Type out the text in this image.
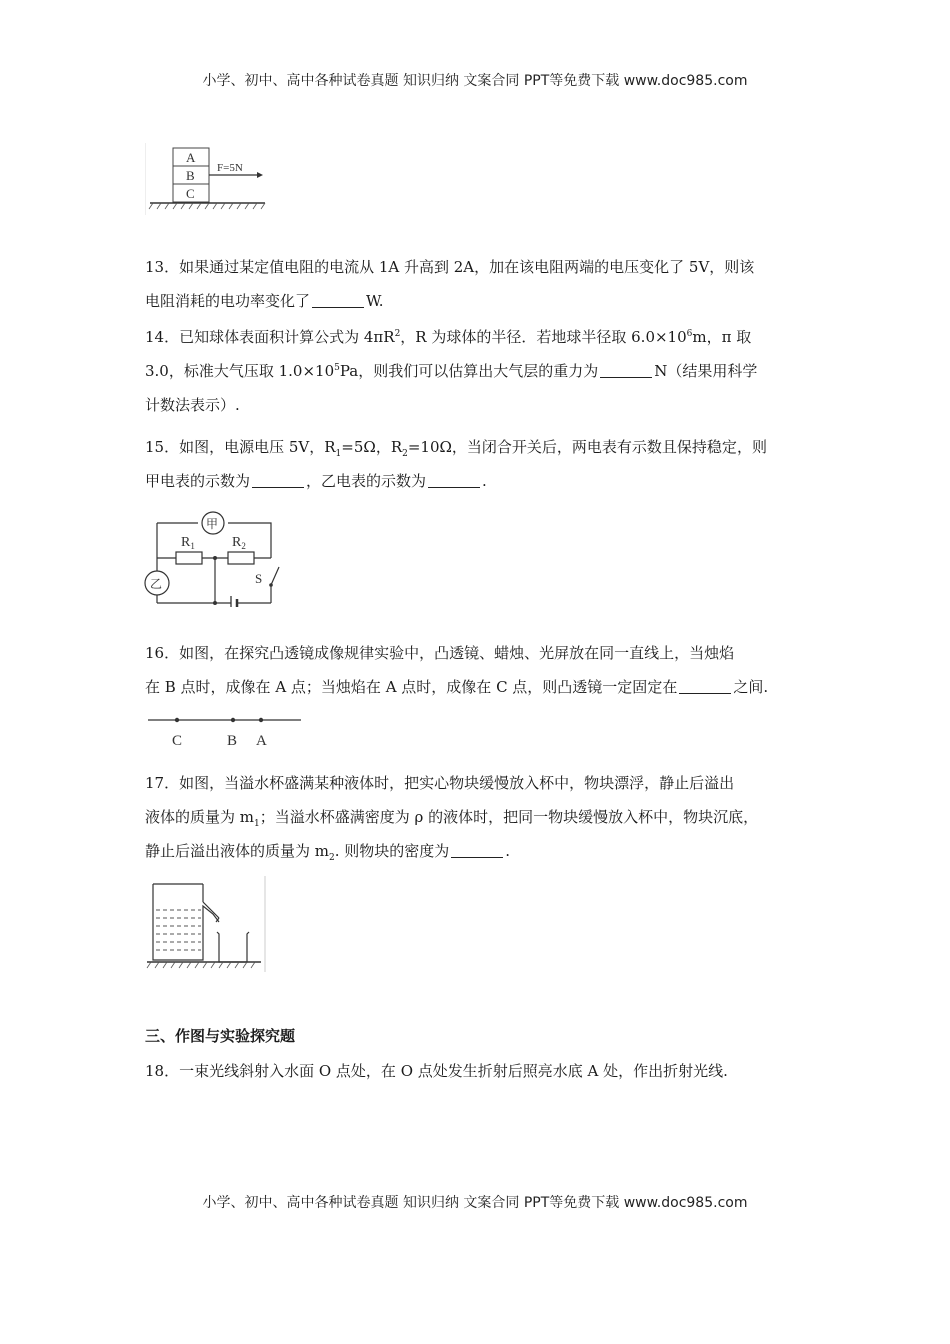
小学、初中、高中各种试卷真题 知识归纳 文案合同 PPT等免费下载 www.doc985.com
A
B
C
F=5N

13．如果通过某定值电阻的电流从 1A 升高到 2A，加在该电阻两端的电压变化了 5V，则该

电阻消耗的电功率变化了	W.

14．已知球体表面积计算公式为 $4\pi R^2$，R 为球体的半径．若地球半径取 $6.0\times 10^6m$，π 取

3.0，标准大气压取 $1.0\times 10^5Pa$，则我们可以估算出大气层的重力为	N（结果用科学

计数法表示）.

15．如图，电源电压 5V，$R_1=5\Omega$，$R_2=10\Omega$，当闭合开关后，两电表有示数且保持稳定，则

甲电表的示数为	，乙电表的示数为	.

甲
乙
$R_1$	$R_2$
S

16．如图，在探究凸透镜成像规律实验中，凸透镜、蜡烛、光屏放在同一直线上，当烛焰

在 B 点时，成像在 A 点；当烛焰在 A 点时，成像在 C 点，则凸透镜一定固定在	之间.

C	B A

17．如图，当溢水杯盛满某种液体时，把实心物块缓慢放入杯中，物块漂浮，静止后溢出

液体的质量为 $m_1$；当溢水杯盛满密度为 ρ 的液体时，把同一物块缓慢放入杯中，物块沉底，

静止后溢出液体的质量为 $m_2$. 则物块的密度为	.

三、作图与实验探究题

18．一束光线斜射入水面 O 点处，在 O 点处发生折射后照亮水底 A 处，作出折射光线.

小学、初中、高中各种试卷真题 知识归纳 文案合同 PPT等免费下载 www.doc985.com
